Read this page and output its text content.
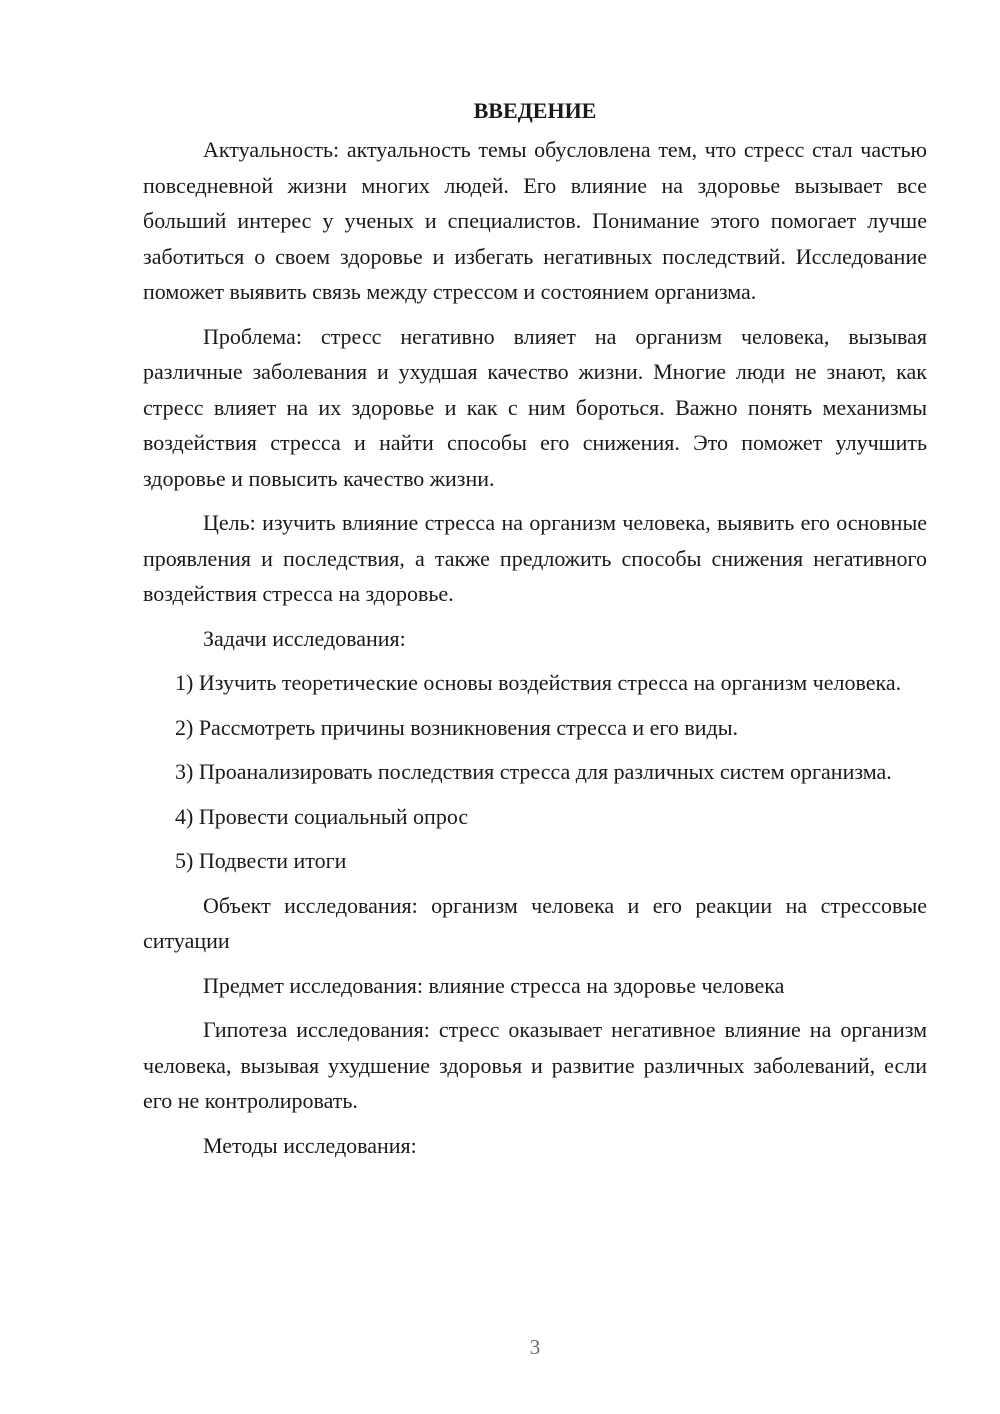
ВВЕДЕНИЕ

Актуальность: актуальность темы обусловлена тем, что стресс стал частью повседневной жизни многих людей. Его влияние на здоровье вызывает все больший интерес у ученых и специалистов. Понимание этого помогает лучше заботиться о своем здоровье и избегать негативных последствий. Исследование поможет выявить связь между стрессом и состоянием организма.

Проблема: стресс негативно влияет на организм человека, вызывая различные заболевания и ухудшая качество жизни. Многие люди не знают, как стресс влияет на их здоровье и как с ним бороться. Важно понять механизмы воздействия стресса и найти способы его снижения. Это поможет улучшить здоровье и повысить качество жизни.

Цель: изучить влияние стресса на организм человека, выявить его основные проявления и последствия, а также предложить способы снижения негативного воздействия стресса на здоровье.

Задачи исследования:

1) Изучить теоретические основы воздействия стресса на организм человека.

2) Рассмотреть причины возникновения стресса и его виды.

3) Проанализировать последствия стресса для различных систем организма.

4) Провести социальный опрос

5) Подвести итоги

Объект исследования: организм человека и его реакции на стрессовые ситуации

Предмет исследования: влияние стресса на здоровье человека

Гипотеза исследования: стресс оказывает негативное влияние на организм человека, вызывая ухудшение здоровья и развитие различных заболеваний, если его не контролировать.

Методы исследования:

3
